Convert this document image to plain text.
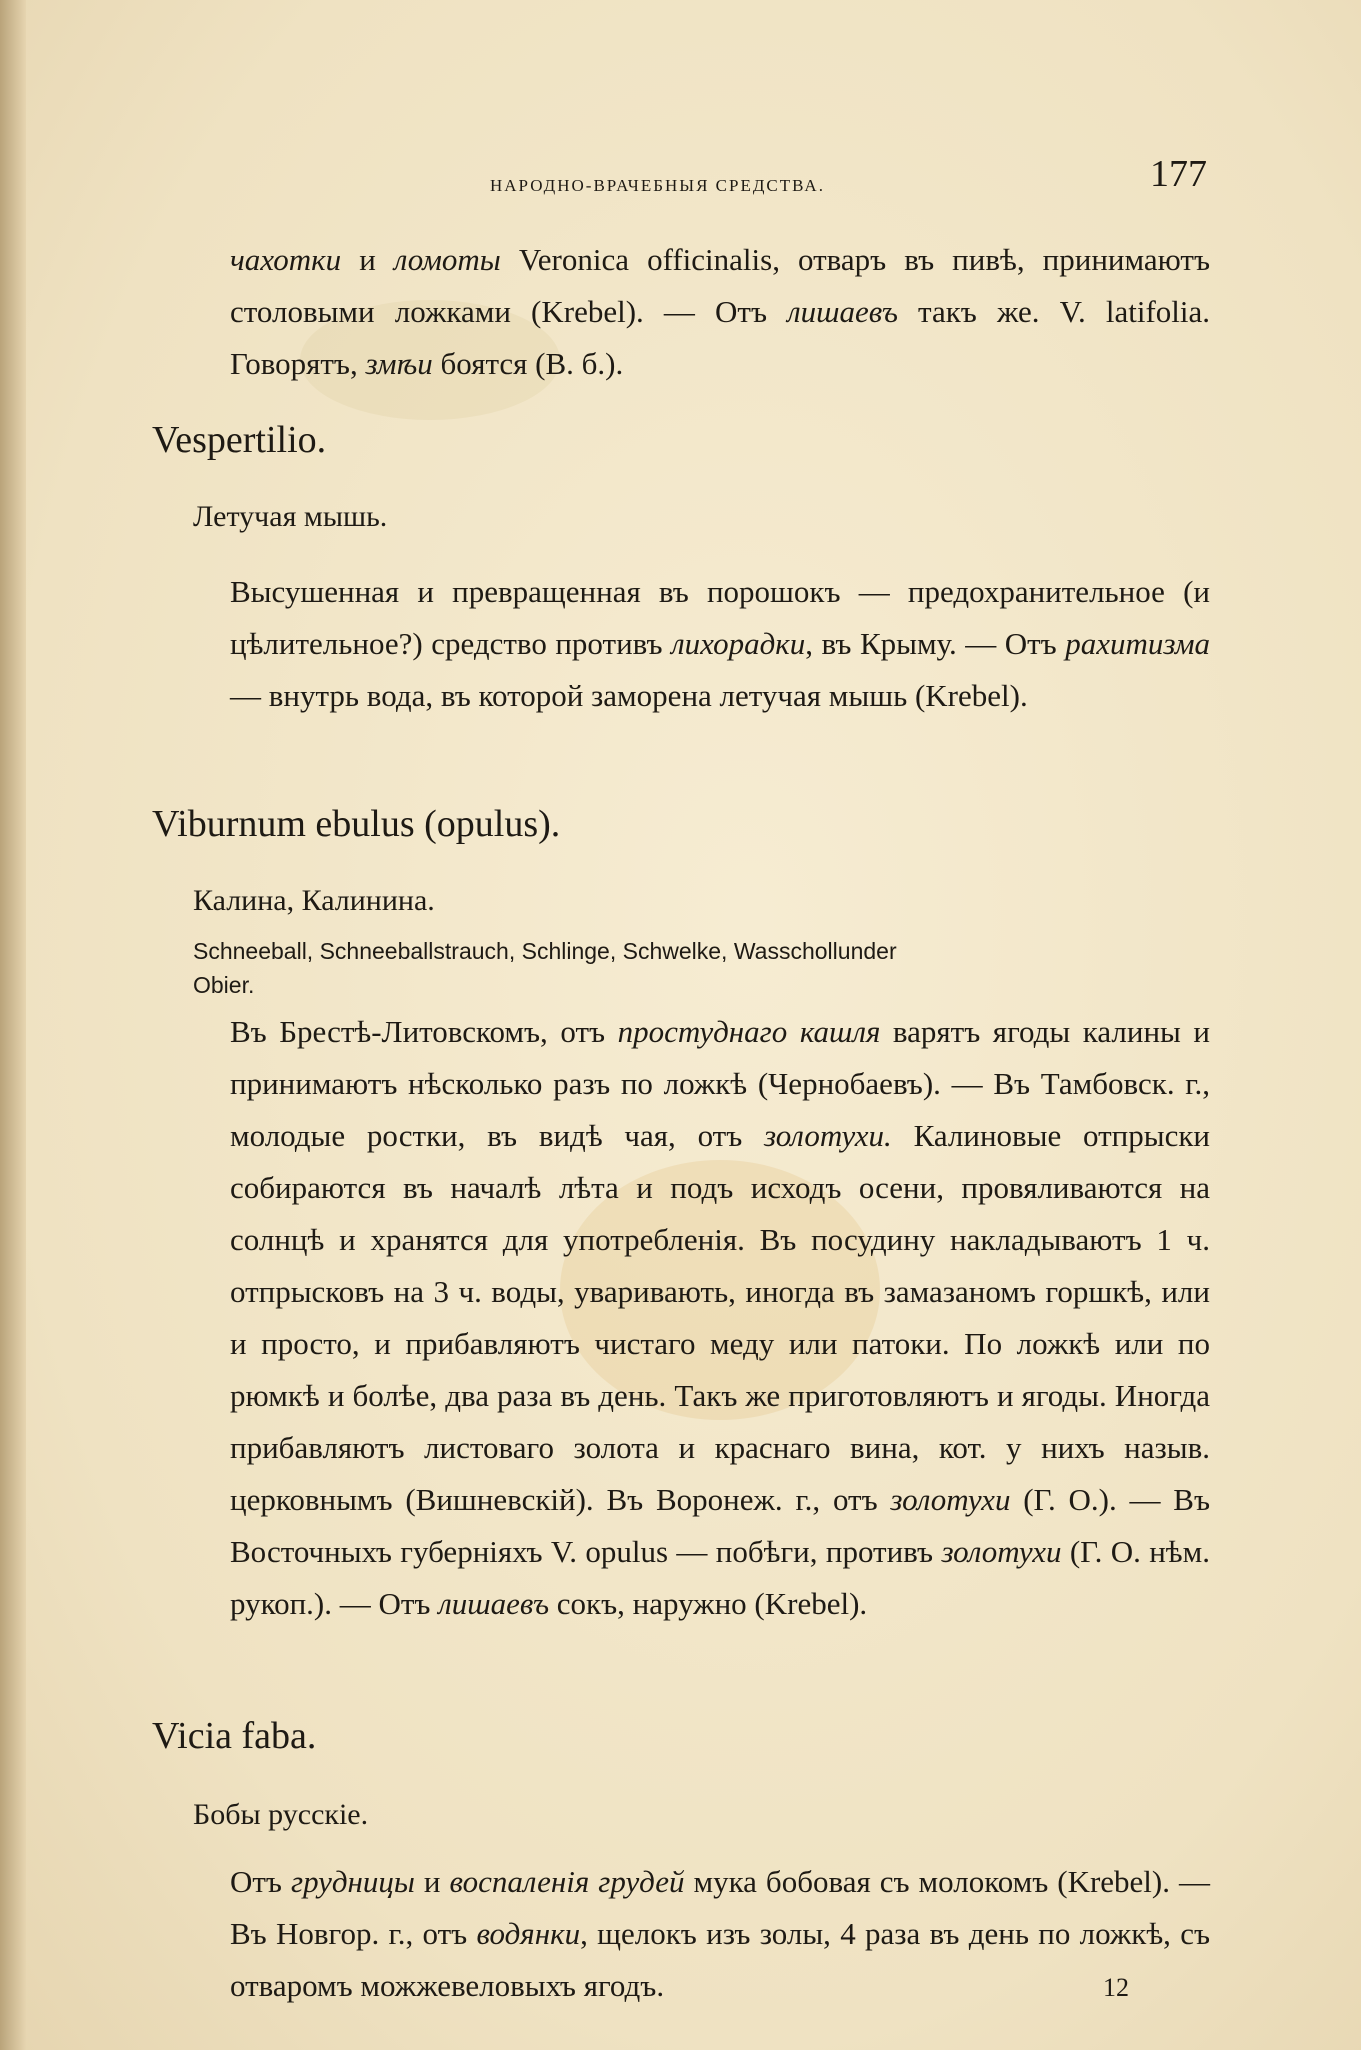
НАРОДНО-ВРАЧЕБНЫЯ СРЕДСТВА.	177

чахотки и ломоты Veronica officinalis, отваръ въ пивѣ, принимаютъ столовыми ложками (Krebel). — Отъ лишаевъ такъ же. V. latifolia. Говорятъ, змѣи боятся (В. б.).

Vespertilio.
Летучая мышь.

Высушенная и превращенная въ порошокъ — предохранительное (и цѣлительное?) средство противъ лихорадки, въ Крыму. — Отъ рахитизма — внутрь вода, въ которой заморена летучая мышь (Krebel).

Viburnum ebulus (opulus).
Калина, Калинина.
Schneeball, Schneeballstrauch, Schlinge, Schwelke, Wasschollunder
Obier.

Въ Брестѣ-Литовскомъ, отъ простуднаго кашля варятъ ягоды калины и принимаютъ нѣсколько разъ по ложкѣ (Чернобаевъ). — Въ Тамбовск. г., молодые ростки, въ видѣ чая, отъ золотухи. Калиновые отпрыски собираются въ началѣ лѣта и подъ исходъ осени, провяливаются на солнцѣ и хранятся для употребленія. Въ посудину накладываютъ 1 ч. отпрысковъ на 3 ч. воды, уваривають, иногда въ замазаномъ горшкѣ, или и просто, и прибавляютъ чистаго меду или патоки. По ложкѣ или по рюмкѣ и болѣе, два раза въ день. Такъ же приготовляютъ и ягоды. Иногда прибавляютъ листоваго золота и краснаго вина, кот. у нихъ назыв. церковнымъ (Вишневскій). Въ Воронеж. г., отъ золотухи (Г. О.). — Въ Восточныхъ губерніяхъ V. opulus — побѣги, противъ золотухи (Г. О. нѣм. рукоп.). — Отъ лишаевъ сокъ, наружно (Krebel).

Vicia faba.
Бобы русскіе.

Отъ грудницы и воспаленія грудей мука бобовая съ молокомъ (Krebel). — Въ Новгор. г., отъ водянки, щелокъ изъ золы, 4 раза въ день по ложкѣ, съ отваромъ можжевеловыхъ ягодъ.	12
